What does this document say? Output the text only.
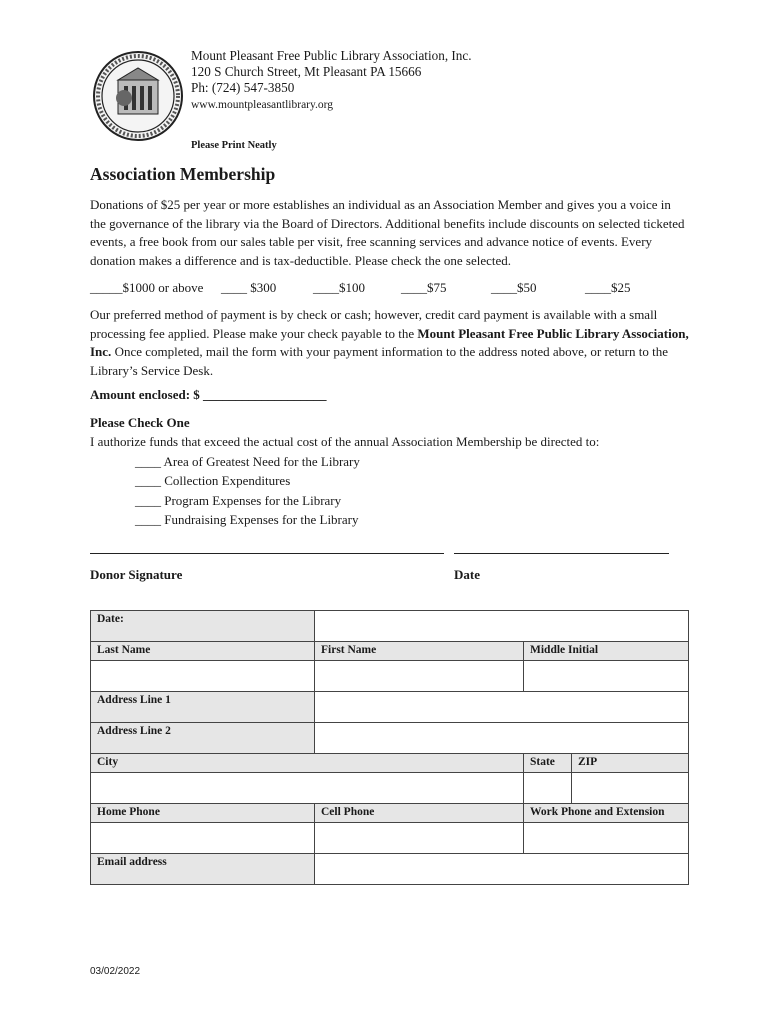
Mount Pleasant Free Public Library Association, Inc.
120 S Church Street, Mt Pleasant PA 15666
Ph: (724) 547-3850
www.mountpleasantlibrary.org
Please Print Neatly
Association Membership
Donations of $25 per year or more establishes an individual as an Association Member and gives you a voice in the governance of the library via the Board of Directors. Additional benefits include discounts on selected ticketed events, a free book from our sales table per visit, free scanning services and advance notice of events. Every donation makes a difference and is tax-deductible. Please check the one selected.
_____$1000 or above ____ $300	____$100	____$75	____$50	____$25
Our preferred method of payment is by check or cash; however, credit card payment is available with a small processing fee applied. Please make your check payable to the Mount Pleasant Free Public Library Association, Inc. Once completed, mail the form with your payment information to the address noted above, or return to the Library’s Service Desk.
Amount enclosed: $ ___________________
Please Check One
I authorize funds that exceed the actual cost of the annual Association Membership be directed to:
____ Area of Greatest Need for the Library
____ Collection Expenditures
____ Program Expenses for the Library
____ Fundraising Expenses for the Library
Donor Signature	Date
Date:			
Last Name	First Name	Middle Initial	

Address Line 1			
Address Line 2			
City		State	ZIP

Home Phone	Cell Phone	Work Phone and Extension	

Email address			
03/02/2022
